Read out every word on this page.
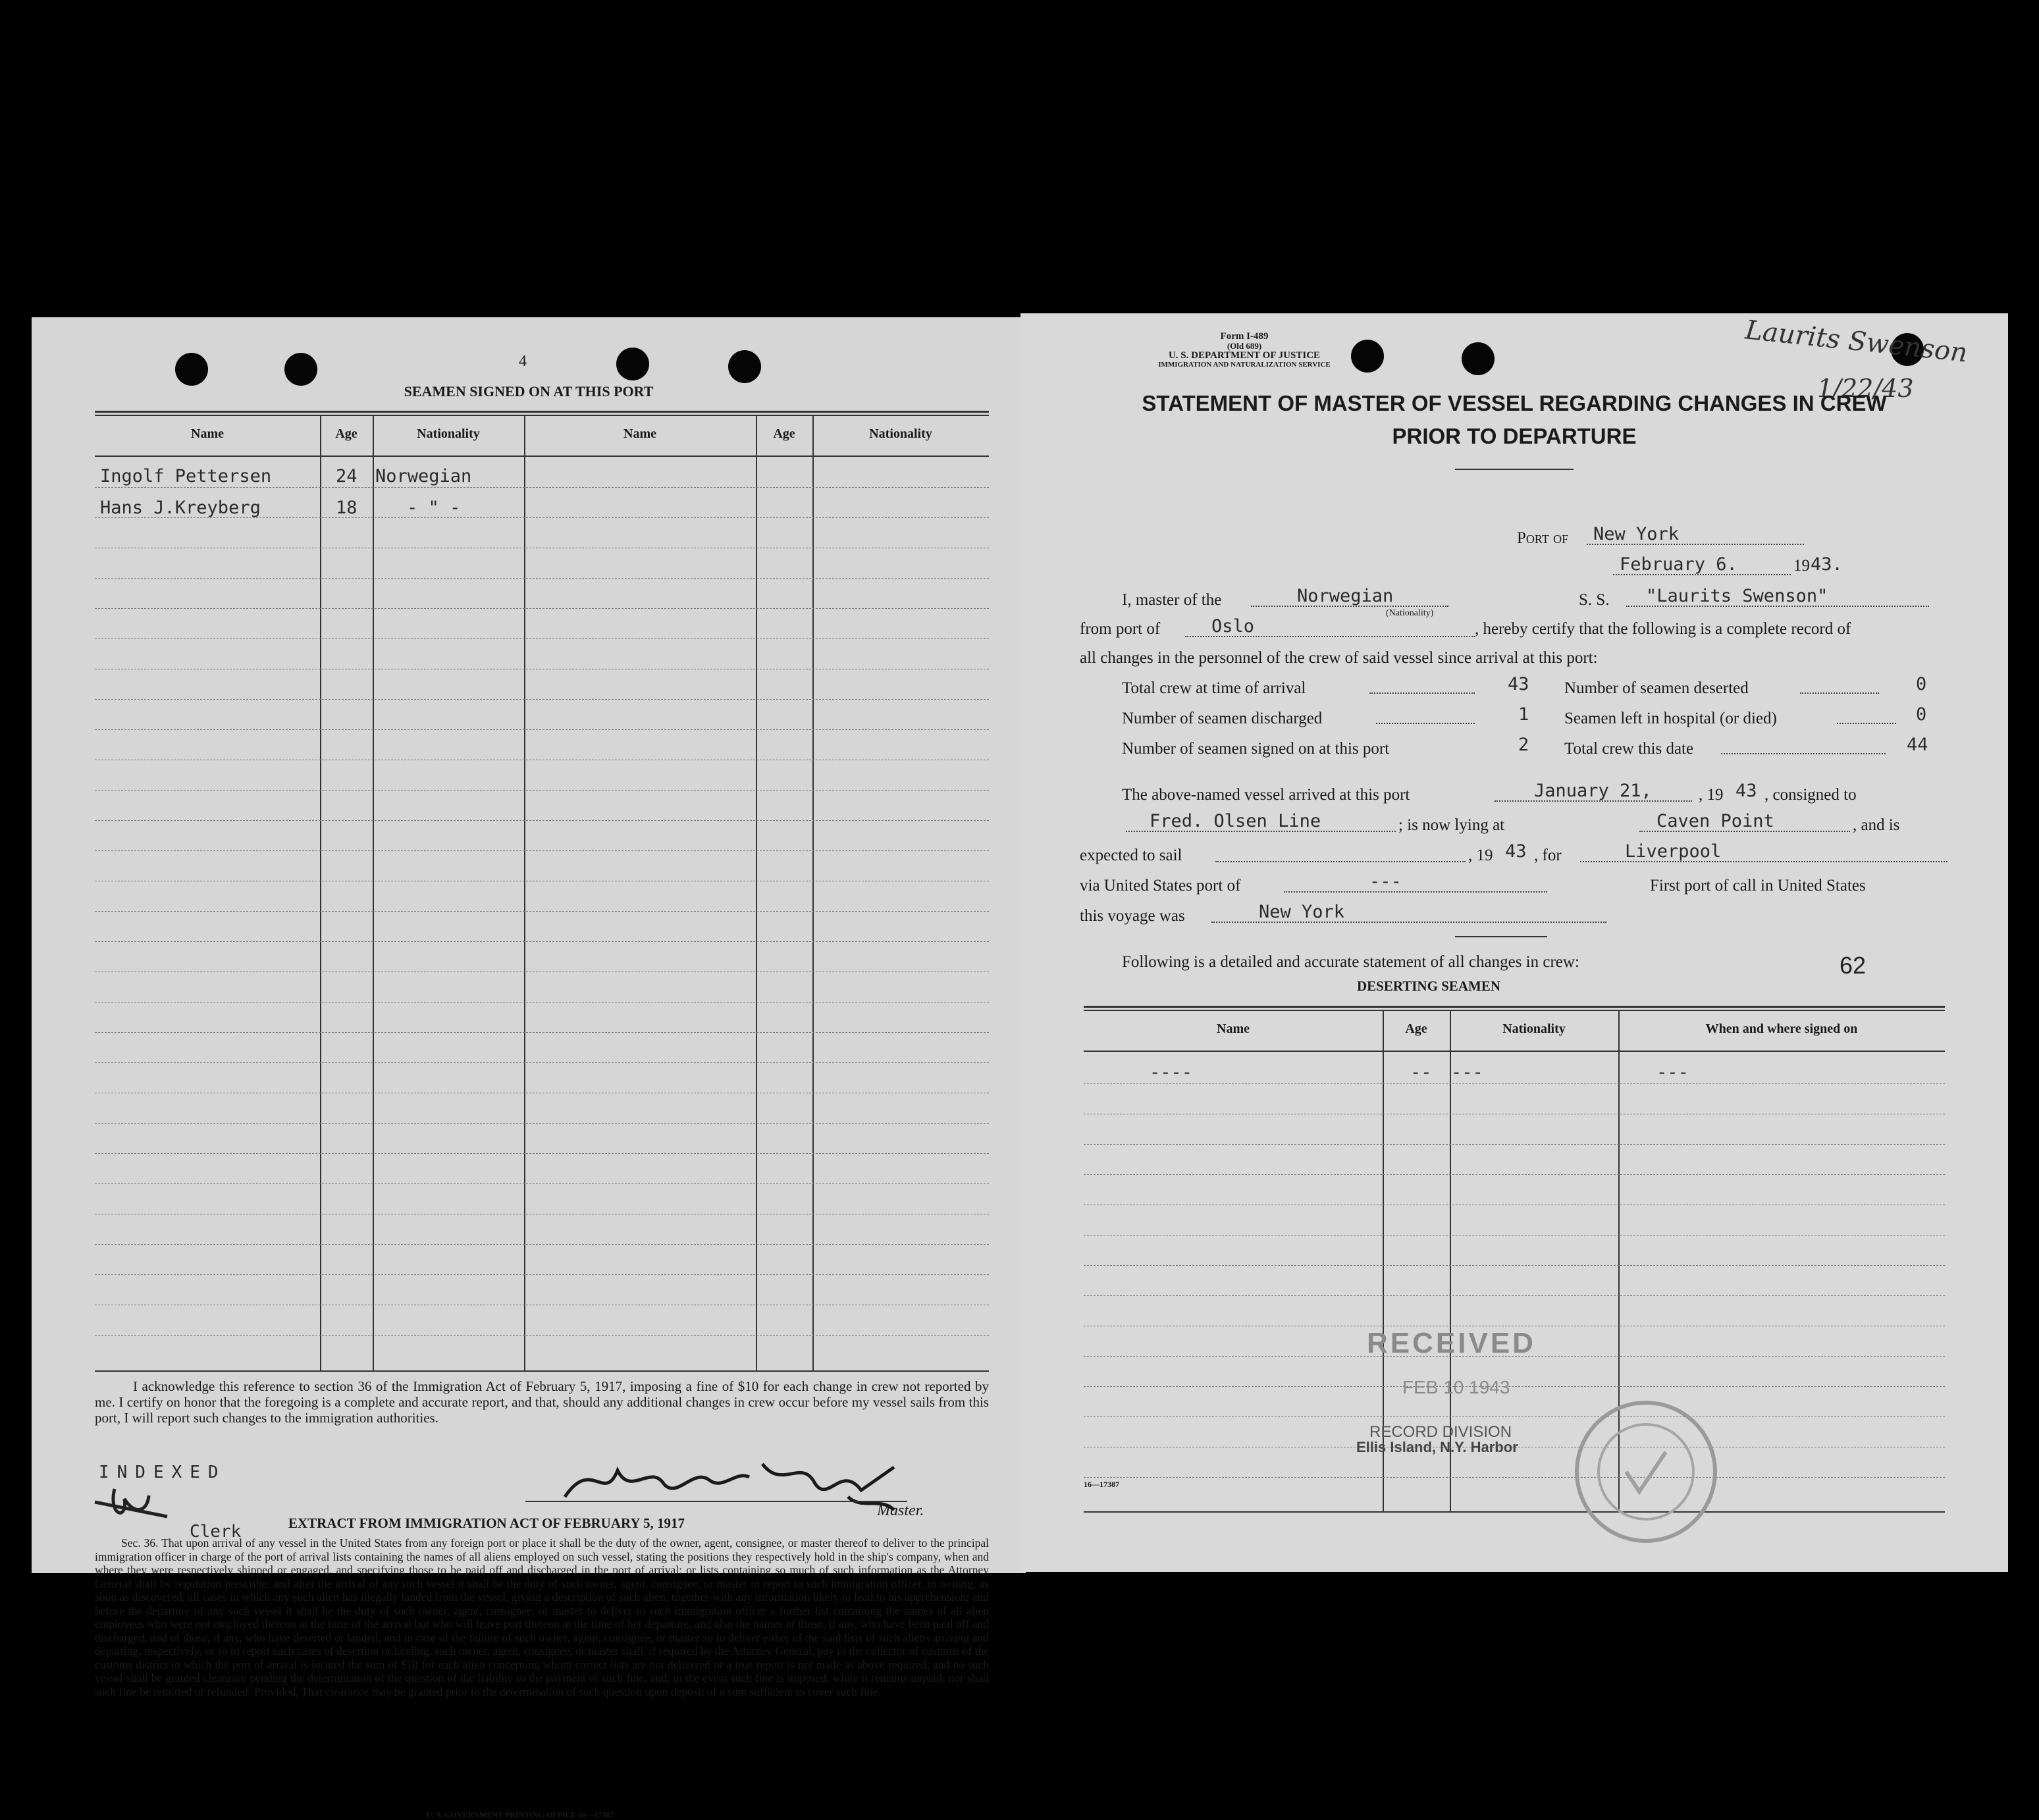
4
SEAMEN SIGNED ON AT THIS PORT
Name	Age	Nationality	Name	Age	Nationality
Ingolf Pettersen	24 Norwegian
Hans J.Kreyberg	18	- " -
I acknowledge this reference to section 36 of the Immigration Act of February 5, 1917, imposing a fine of $10 for each change in crew not reported by me. I certify on honor that the foregoing is a complete and accurate report, and that, should any additional changes in crew occur before my vessel sails from this port, I will report such changes to the immigration authorities.
INDEXED
Clerk
Master.
EXTRACT FROM IMMIGRATION ACT OF FEBRUARY 5, 1917
Sec. 36. That upon arrival of any vessel in the United States from any foreign port or place it shall be the duty of the owner, agent, consignee, or master thereof to deliver to the principal immigration officer in charge of the port of arrival lists containing the names of all aliens employed on such vessel, stating the positions they respectively hold in the ship's company, when and where they were respectively shipped or engaged, and specifying those to be paid off and discharged in the port of arrival; or lists containing so much of such information as the Attorney General shall by regulation prescribe; and after the arrival of any such vessel it shall be the duty of such owner, agent, consignee, or master to report to such immigration officer, in writing, as soon as discovered, all cases in which any such alien has illegally landed from the vessel, giving a description of such alien, together with any information likely to lead to his apprehension; and before the departure of any such vessel it shall be the duty of such owner, agent, consignee, or master to deliver to such immigration officer a further list containing the names of all alien employees who were not employed thereon at the time of the arrival but who will leave port thereon at the time of her departure, and also the names of those, if any, who have been paid off and discharged, and of those, if any, who have deserted or landed; and in case of the failure of such owner, agent, consignee, or master so to deliver either of the said lists of such aliens arriving and departing, respectively, or so to report such cases of desertion or landing, such owner, agent, consignee, or master shall, if required by the Attorney General, pay to the collector of customs of the customs district in which the port of arrival is located the sum of $10 for each alien concerning whom correct lists are not delivered or a true report is not made as above required; and no such vessel shall be granted clearance pending the determination of the question of the liability to the payment of such fine, and, in the event such fine is imposed, while it remains unpaid; nor shall such fine be remitted or refunded: Provided, That clearance may be granted prior to the determination of such question upon deposit of a sum sufficient to cover such fine.
U. S. GOVERNMENT PRINTING OFFICE 16—17387
Form I-489
(Old 689)
U. S. DEPARTMENT OF JUSTICE
IMMIGRATION AND NATURALIZATION SERVICE	Laurits Swenson
1/22/43
STATEMENT OF MASTER OF VESSEL REGARDING CHANGES IN CREW
PRIOR TO DEPARTURE
Port of New York
February 6.	19 43.
I, master of the	Norwegian
(Nationality)
S. S. "Laurits Swenson"
from port of	Oslo	, hereby certify that the following is a complete record of
all changes in the personnel of the crew of said vessel since arrival at this port:
Total crew at time of arrival	43 Number of seamen deserted	0
Number of seamen discharged	1 Seamen left in hospital (or died)	0
Number of seamen signed on at this port	2 Total crew this date	44
The above-named vessel arrived at this port	January 21,	, 19 43 , consigned to
Fred. Olsen Line	; is now lying at	Caven Point	, and is
expected to sail	, 19 43 , for	Liverpool
via United States port of	---	First port of call in United States
this voyage was	New York
Following is a detailed and accurate statement of all changes in crew:
DESERTING SEAMEN
62
Name	Age	Nationality	When and where signed on
----	-- ---	---
RECEIVED
FEB 10 1943
RECORD DIVISION
Ellis Island, N.Y. Harbor
16—17387
